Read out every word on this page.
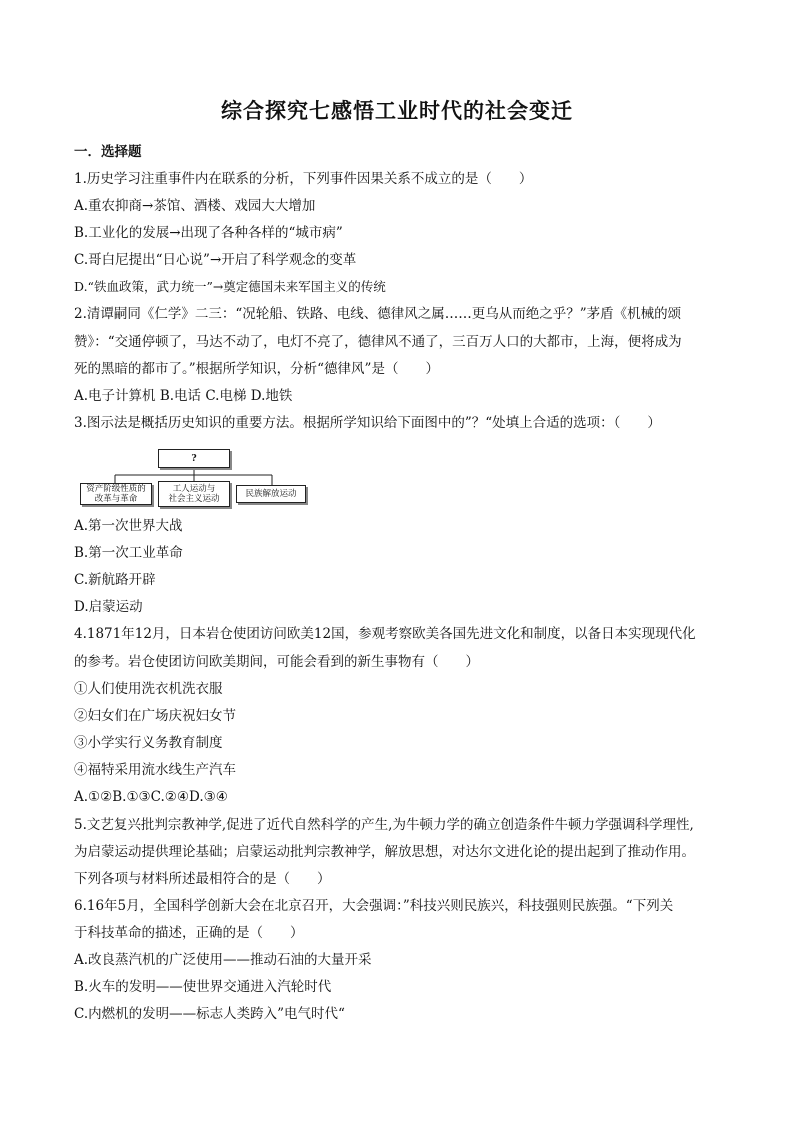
综合探究七感悟工业时代的社会变迁
一．选择题
1.历史学习注重事件内在联系的分析，下列事件因果关系不成立的是（　　）
A.重农抑商→茶馆、酒楼、戏园大大增加
B.工业化的发展→出现了各种各样的“城市病”
C.哥白尼提出“日心说”→开启了科学观念的变革
D.“铁血政策，武力统一”→奠定德国未来军国主义的传统
2.清谭嗣同《仁学》二三：“况轮船、铁路、电线、德律风之属……更乌从而绝之乎？”茅盾《机械的颂
赞》：“交通停顿了，马达不动了，电灯不亮了，德律风不通了，三百万人口的大都市，上海，便将成为
死的黑暗的都市了。”根据所学知识，分析“德律风”是（　　）
A.电子计算机 B.电话 C.电梯 D.地铁
3.图示法是概括历史知识的重要方法。根据所学知识给下面图中的”？“处填上合适的选项：（　　）
?
资产阶级性质的
改革与革命
工人运动与
社会主义运动	民族解放运动
A.第一次世界大战
B.第一次工业革命
C.新航路开辟
D.启蒙运动
4.1871年12月，日本岩仓使团访问欧美12国，参观考察欧美各国先进文化和制度，以备日本实现现代化
的参考。岩仓使团访问欧美期间，可能会看到的新生事物有（　　）
①人们使用洗衣机洗衣服
②妇女们在广场庆祝妇女节
③小学实行义务教育制度
④福特采用流水线生产汽车
A.①②B.①③C.②④D.③④
5.文艺复兴批判宗教神学,促进了近代自然科学的产生,为牛顿力学的确立创造条件牛顿力学强调科学理性,
为启蒙运动提供理论基础；启蒙运动批判宗教神学，解放思想，对达尔文进化论的提出起到了推动作用。
下列各项与材料所述最相符合的是（　　）
6.16年5月，全国科学创新大会在北京召开，大会强调：”科技兴则民族兴，科技强则民族强。“下列关
于科技革命的描述，正确的是（　　）
A.改良蒸汽机的广泛使用——推动石油的大量开采
B.火车的发明——使世界交通进入汽轮时代
C.内燃机的发明——标志人类跨入”电气时代“
